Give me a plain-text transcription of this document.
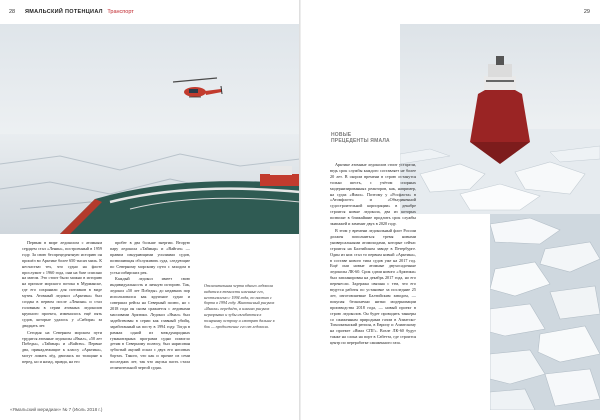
28 ЯМАЛЬСКИЙ ПОТЕНЦИАЛ Транспорт

Первым в мире ледоколом с атомным сердцем стал «Ленин», построенный в 1959 году. За свою беспрецедентную историю он прошёл во Арктике более 650 тысяч миль. К несчастью тех, что судно на флоте прослужит с 1960 года, они на базе списано на матом. Это стоит было можно в историю на причале морского потока в Мурманске, где его сохранили для потомков в виде музея. Атомный ледокол «Арктика» был создан в первом после «Ленина» и стал головным в серии атомных ледоколов крупного проекта, изменилось ещё пять судов, которые удалось у «Сибири» за двадцать лет.

Сегодня на Северном морском пути трудятся атомные ледоколы «Ямал», «50 лет Победы», «Таймыр» и «Вайгач». Первые два, принадлежащие к классу «Арктика», могут ломать лёд, двигаясь по толщине к перед, но и назад, правда, на его

пробег в два больше энергии. Вторую пару ледокола «Таймыр» и «Вайгач» — правим изнуряющими усилиями судов, позволяющая обслуживать суда, следующие по Северному морскому пути с заходом в устья сибирских рек.

Каждый ледокол имеет свою индивидуальность и личную историю. Так, ледокол «50 лет Победы» до недавних пор использовался как круизное судно и совершал рейсы на Северный полюс, но с 2018 года он снова сражается с ледовыми массивами Арктики. Ледокол «Ямал» был задействован в серии как главный убийц, заработанный на посту в 1994 году. Тогда в рамках одной из международных гуманитарных программ судно помогло детям в Северному полюсу, был нарисован зубастый акулий оскал с двух его носовых бортах. Такого, что как и прочие из семи последних лет, так что акулья пасть стала отличительной чертой судна.

Отличительная черта одного ледокола видится в точности именные его, неотъемлемо с 1994 года, по пастью с борта в 1994 году. Живописный рисунок «Ямала» передаёт, а именно рисунок неразрывно и зубы изгибаются к полярному острову и смотрят дальше в бок — продолжение его от ледокола.
29
НОВЫЕ
ПРЕЦЕДЕНТЫ ЯМАЛА

Арктике атомные ледоколов стоит устарели, ведь срок службы каждого составляет не более 20 лет. В скором времени в строю останутся только шесть, с учётом спорных модернизированных реакторов, как, например, на судах «Ямал». Поэтому у «Росфлота» в «Атомфлоте» и «Объединенной судостроительной корпорации» в декабре строятся новые ледокола, два из которых позволят в ближайшие продлить срок службы экипажей и заменят двух в 2020 году.

В этом у времени ледокольный флот России должен пополниться тремя новыми универсальными атомоходами, которые сейчас строятся на Балтийском заводе в Петербурге. Один из них стал то первым новый «Арктика», в составе нового типа судов уже на 2017 год. Ещё они новые атомные двухосадочные ледоколы ЛК-60. Срок сдачи нового «Арктики» был запланирован на декабрь 2017 года, но его перенесли. Задержка связана с тем, что его ведутся работы по установке за последние 25 лет, изготовляемые Балтийским заводом, — покупая бесконечно нитки модернизации производства 2018 года, — новый проект в строю ледоколов. Он будет проводить танкеры со сжиженным природным газом в Азиатско-Тихоокеанский регион, в Европу и Азиатскому на проекте «Ямал СПГ». Возле ЛК-60 будут также на слона на порт в Сабетта, где строится центр по переработке сжиженного газа.

«Ямальский меридиан» № 7 (Июль 2018 г.)
